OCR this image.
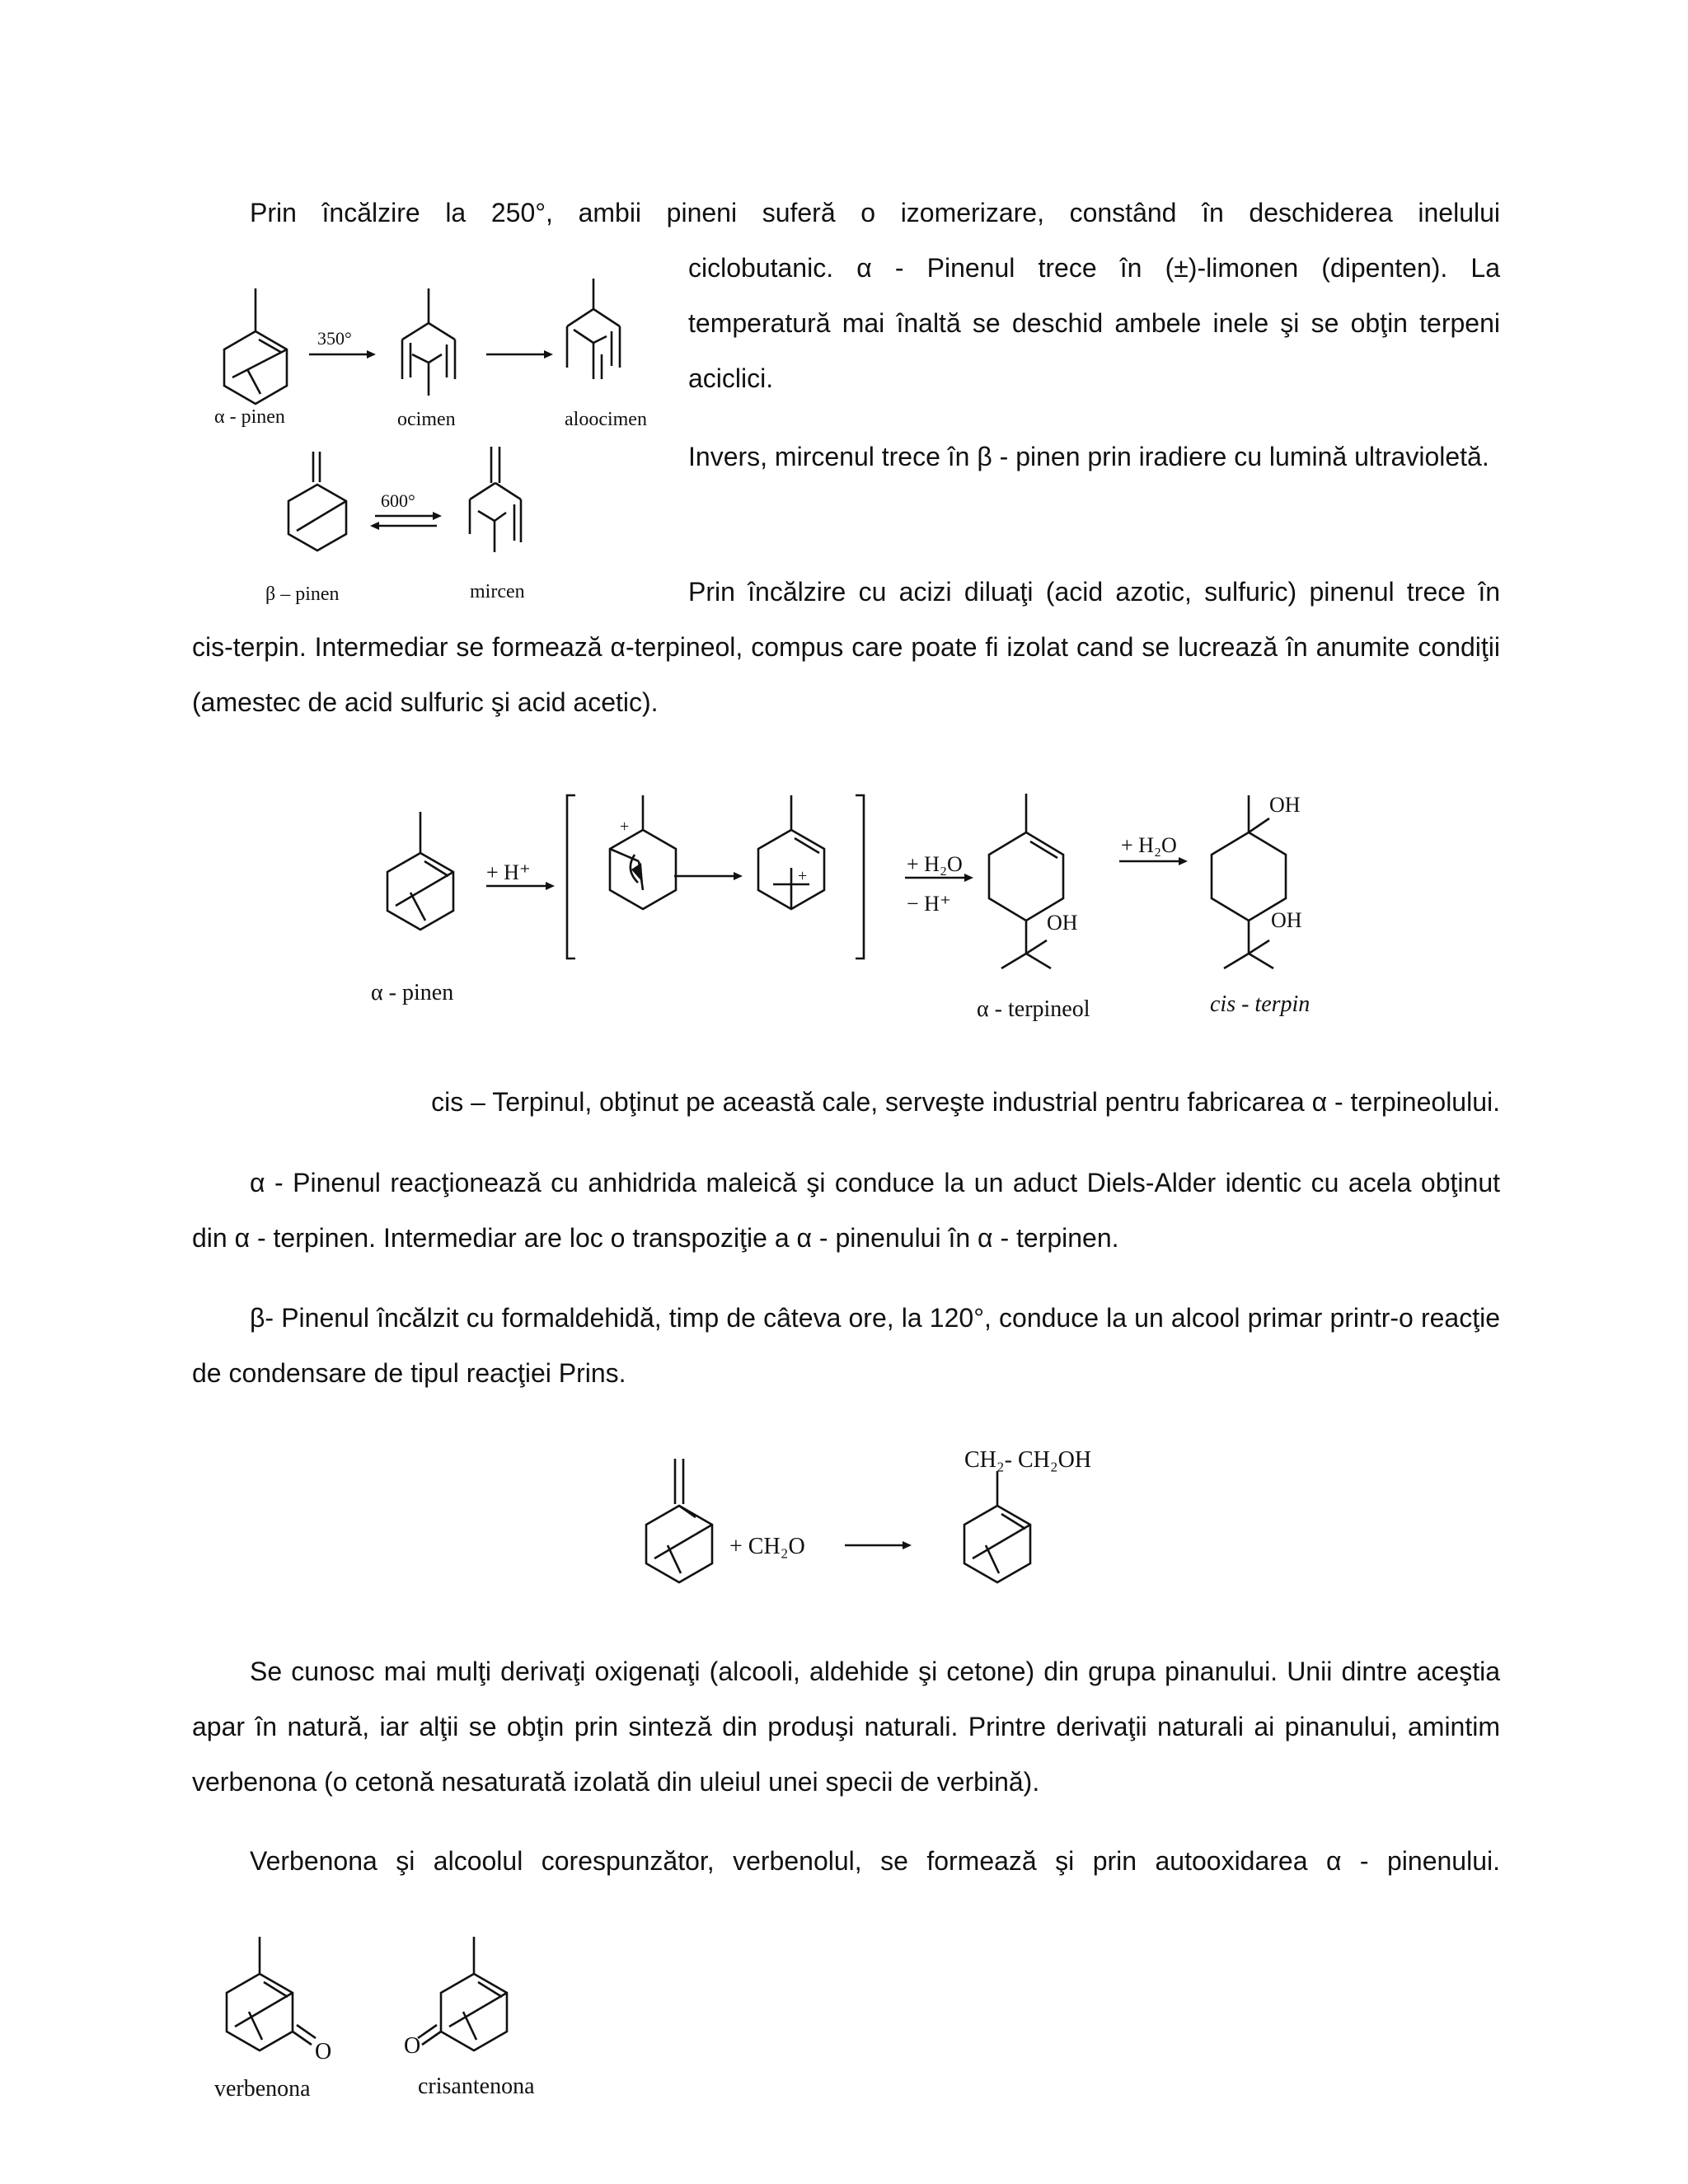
Prin încălzire la 250°, ambii pineni suferă o izomerizare, constând în deschiderea inelului

ciclobutanic. α - Pinenul trece în (±)-limonen (dipenten). La temperatură mai înaltă se deschid ambele inele şi se obţin terpeni aciclici.

Invers, mircenul trece în β - pinen prin iradiere cu lumină ultravioletă.

Prin încălzire cu acizi diluaţi (acid azotic, sulfuric) pinenul trece în

cis-terpin. Intermediar se formează α-terpineol, compus care poate fi izolat cand se lucrează în anumite condiţii (amestec de acid sulfuric şi acid acetic).

350°
α - pinen	ocimen	aloocimen
600°
β – pinen	mircen
+ H⁺
+
+	+ H₂O
− H⁺
OH
+ H₂O
OH
OH
α - pinen
α - terpineol	cis - terpin

cis – Terpinul, obţinut pe această cale, serveşte industrial pentru fabricarea α - terpineolului.

α - Pinenul reacţionează cu anhidrida maleică şi conduce la un aduct Diels-Alder identic cu acela obţinut din α - terpinen. Intermediar are loc o transpoziţie a α - pinenului în α - terpinen.

β- Pinenul încălzit cu formaldehidă, timp de câteva ore, la 120°, conduce la un alcool primar printr-o reacţie de condensare de tipul reacţiei Prins.

+ CH₂O
CH₂- CH₂OH

Se cunosc mai mulţi derivaţi oxigenaţi (alcooli, aldehide şi cetone) din grupa pinanului. Unii dintre aceştia apar în natură, iar alţii se obţin prin sinteză din produşi naturali. Printre derivaţii naturali ai pinanului, amintim verbenona (o cetonă nesaturată izolată din uleiul unei specii de verbină).

Verbenona şi alcoolul corespunzător, verbenolul, se formează şi prin autooxidarea α - pinenului.

O	O
verbenona	crisantenona
